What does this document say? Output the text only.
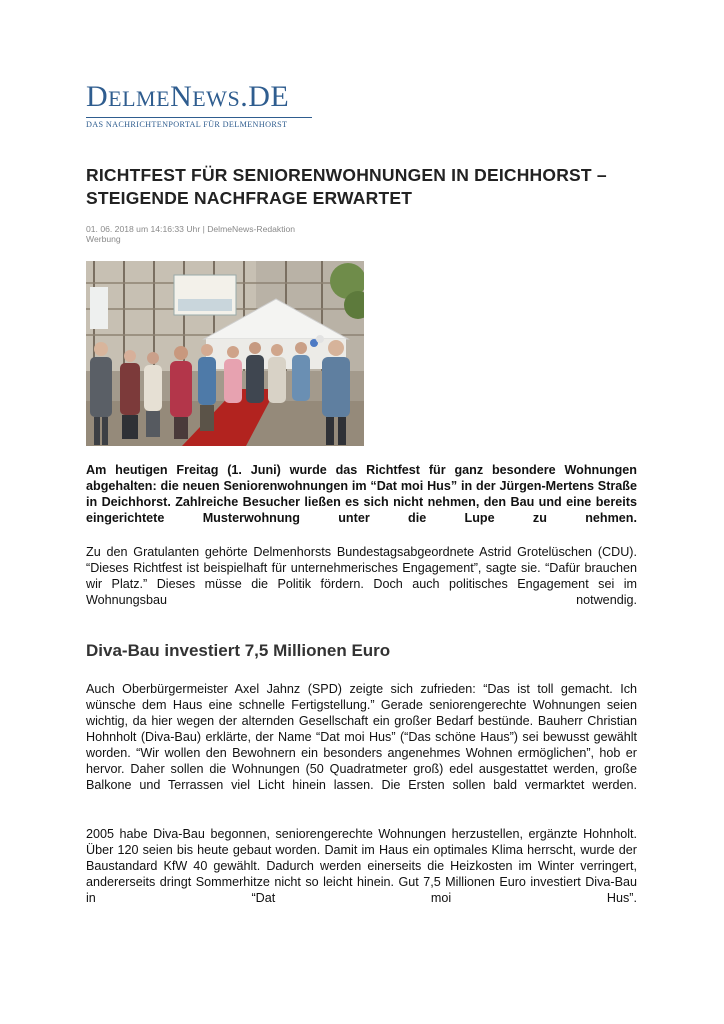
DELMENEWS.DE
DAS NACHRICHTENPORTAL FÜR DELMENHORST
RICHTFEST FÜR SENIORENWOHNUNGEN IN DEICHHORST – STEIGENDE NACHFRAGE ERWARTET
01. 06. 2018 um 14:16:33 Uhr | DelmeNews-Redaktion
Werbung

Am heutigen Freitag (1. Juni) wurde das Richtfest für ganz besondere Wohnungen abgehalten: die neuen Seniorenwohnungen im “Dat moi Hus” in der Jürgen-Mertens Straße in Deichhorst. Zahlreiche Besucher ließen es sich nicht nehmen, den Bau und eine bereits eingerichtete Musterwohnung unter die Lupe zu nehmen.

Zu den Gratulanten gehörte Delmenhorsts Bundestagsabgeordnete Astrid Grotelüschen (CDU). “Dieses Richtfest ist beispielhaft für unternehmerisches Engagement”, sagte sie. “Dafür brauchen wir Platz.” Dieses müsse die Politik fördern. Doch auch politisches Engagement sei im Wohnungsbau notwendig.

Diva-Bau investiert 7,5 Millionen Euro

Auch Oberbürgermeister Axel Jahnz (SPD) zeigte sich zufrieden: “Das ist toll gemacht. Ich wünsche dem Haus eine schnelle Fertigstellung.” Gerade seniorengerechte Wohnungen seien wichtig, da hier wegen der alternden Gesellschaft ein großer Bedarf bestünde. Bauherr Christian Hohnholt (Diva-Bau) erklärte, der Name “Dat moi Hus” (“Das schöne Haus”) sei bewusst gewählt worden. “Wir wollen den Bewohnern ein besonders angenehmes Wohnen ermöglichen”, hob er hervor. Daher sollen die Wohnungen (50 Quadratmeter groß) edel ausgestattet werden, große Balkone und Terrassen viel Licht hinein lassen. Die Ersten sollen bald vermarktet werden.

2005 habe Diva-Bau begonnen, seniorengerechte Wohnungen herzustellen, ergänzte Hohnholt. Über 120 seien bis heute gebaut worden. Damit im Haus ein optimales Klima herrscht, wurde der Baustandard KfW 40 gewählt. Dadurch werden einerseits die Heizkosten im Winter verringert, andererseits dringt Sommerhitze nicht so leicht hinein. Gut 7,5 Millionen Euro investiert Diva-Bau in “Dat moi Hus”.
